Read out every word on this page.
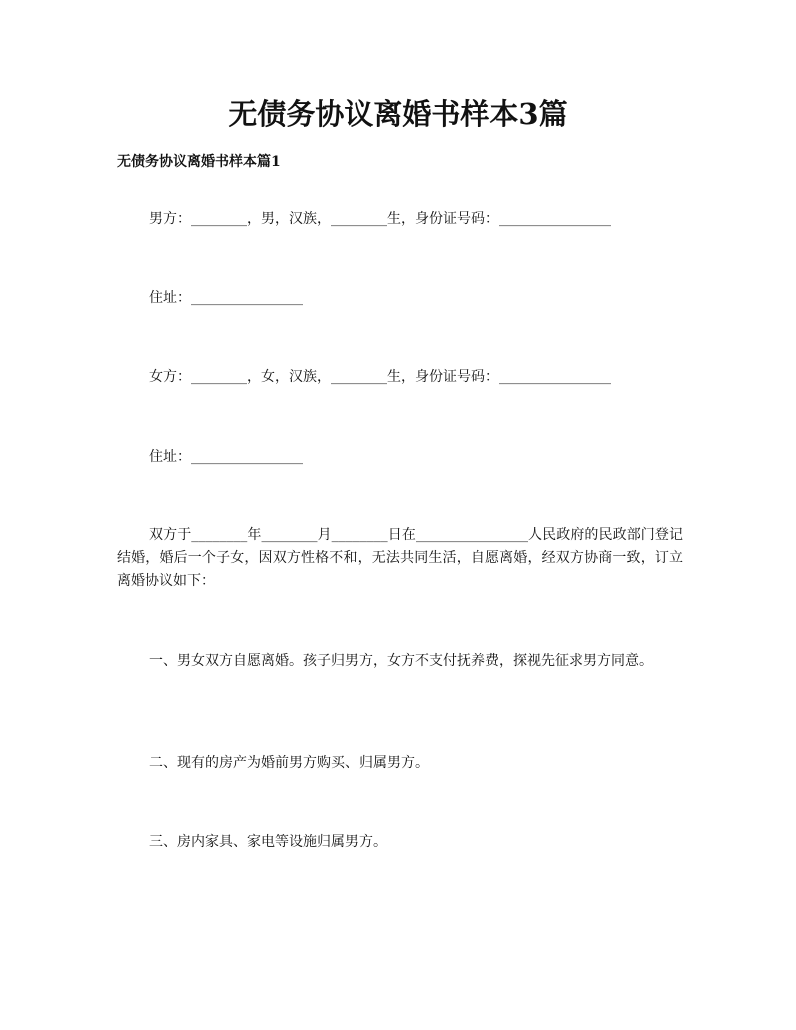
无债务协议离婚书样本3篇
无债务协议离婚书样本篇1

男方：________，男，汉族，________生，身份证号码：________________

住址：________________

女方：________，女，汉族，________生，身份证号码：________________

住址：________________

双方于________年________月________日在________________人民政府的民政部门登记结婚，婚后一个子女，因双方性格不和，无法共同生活，自愿离婚，经双方协商一致，订立离婚协议如下：

一、男女双方自愿离婚。孩子归男方，女方不支付抚养费，探视先征求男方同意。

二、现有的房产为婚前男方购买、归属男方。

三、房内家具、家电等设施归属男方。
